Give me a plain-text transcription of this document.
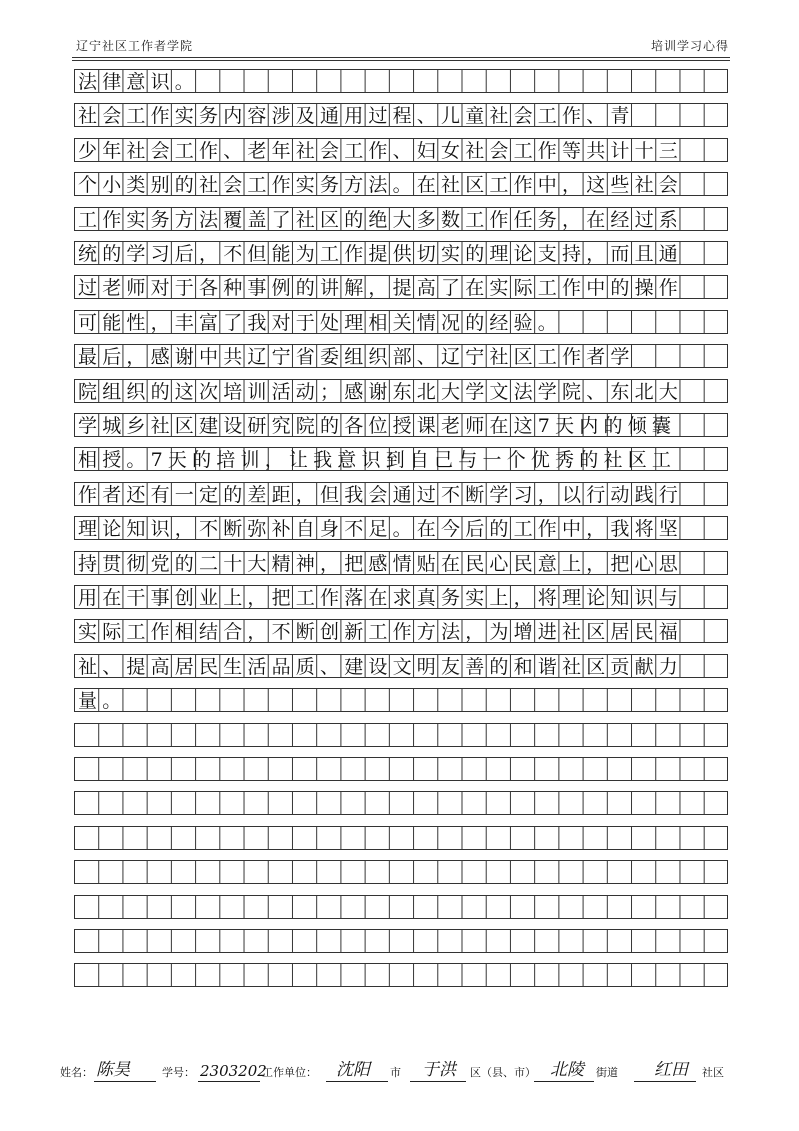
辽宁社区工作者学院	培训学习心得
法律意识。
社会工作实务内容涉及通用过程、儿童社会工作、青
少年社会工作、老年社会工作、妇女社会工作等共计十三
个小类别的社会工作实务方法。在社区工作中，这些社会
工作实务方法覆盖了社区的绝大多数工作任务，在经过系
统的学习后，不但能为工作提供切实的理论支持，而且通
过老师对于各种事例的讲解，提高了在实际工作中的操作
可能性，丰富了我对于处理相关情况的经验。
最后，感谢中共辽宁省委组织部、辽宁社区工作者学
院组织的这次培训活动；感谢东北大学文法学院、东北大
学城乡社区建设研究院的各位授课老师在这7天内的倾囊
相授。7天的培训，让我意识到自己与一个优秀的社区工
作者还有一定的差距，但我会通过不断学习，以行动践行
理论知识，不断弥补自身不足。在今后的工作中，我将坚
持贯彻党的二十大精神，把感情贴在民心民意上，把心思
用在干事创业上，把工作落在求真务实上，将理论知识与
实际工作相结合，不断创新工作方法，为增进社区居民福
祉、提高居民生活品质、建设文明友善的和谐社区贡献力
量。
姓名： 陈昊	学号： 2303202
工作单位： 沈阳 市 于洪 区（县、市） 北陵 街道 红田 社区
